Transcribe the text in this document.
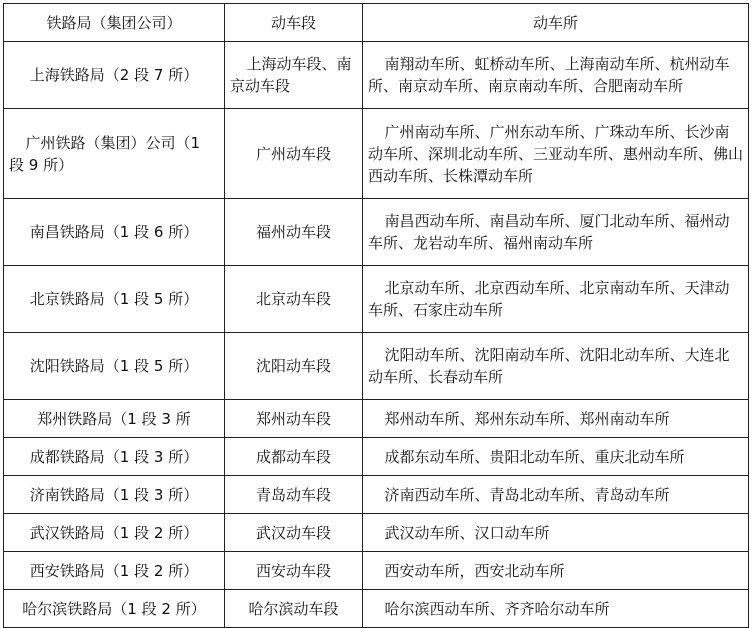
铁路局（集团公司）	动车段	动车所
上海铁路局（2 段 7 所）	上海动车段、南京动车段	南翔动车所、虹桥动车所、上海南动车所、杭州动车所、南京动车所、南京南动车所、合肥南动车所
广州铁路（集团）公司（1 段 9 所）	广州动车段	广州南动车所、广州东动车所、广珠动车所、长沙南动车所、深圳北动车所、三亚动车所、惠州动车所、佛山西动车所、长株潭动车所
南昌铁路局（1 段 6 所）	福州动车段	南昌西动车所、南昌动车所、厦门北动车所、福州动车所、龙岩动车所、福州南动车所
北京铁路局（1 段 5 所）	北京动车段	北京动车所、北京西动车所、北京南动车所、天津动车所、石家庄动车所
沈阳铁路局（1 段 5 所）	沈阳动车段	沈阳动车所、沈阳南动车所、沈阳北动车所、大连北动车所、长春动车所
郑州铁路局（1 段 3 所	郑州动车段	郑州动车所、郑州东动车所、郑州南动车所
成都铁路局（1 段 3 所）	成都动车段	成都东动车所、贵阳北动车所、重庆北动车所
济南铁路局（1 段 3 所）	青岛动车段	济南西动车所、青岛北动车所、青岛动车所
武汉铁路局（1 段 2 所）	武汉动车段	武汉动车所、汉口动车所
西安铁路局（1 段 2 所）	西安动车段	西安动车所，西安北动车所
哈尔滨铁路局（1 段 2 所）	哈尔滨动车段	哈尔滨西动车所、齐齐哈尔动车所
